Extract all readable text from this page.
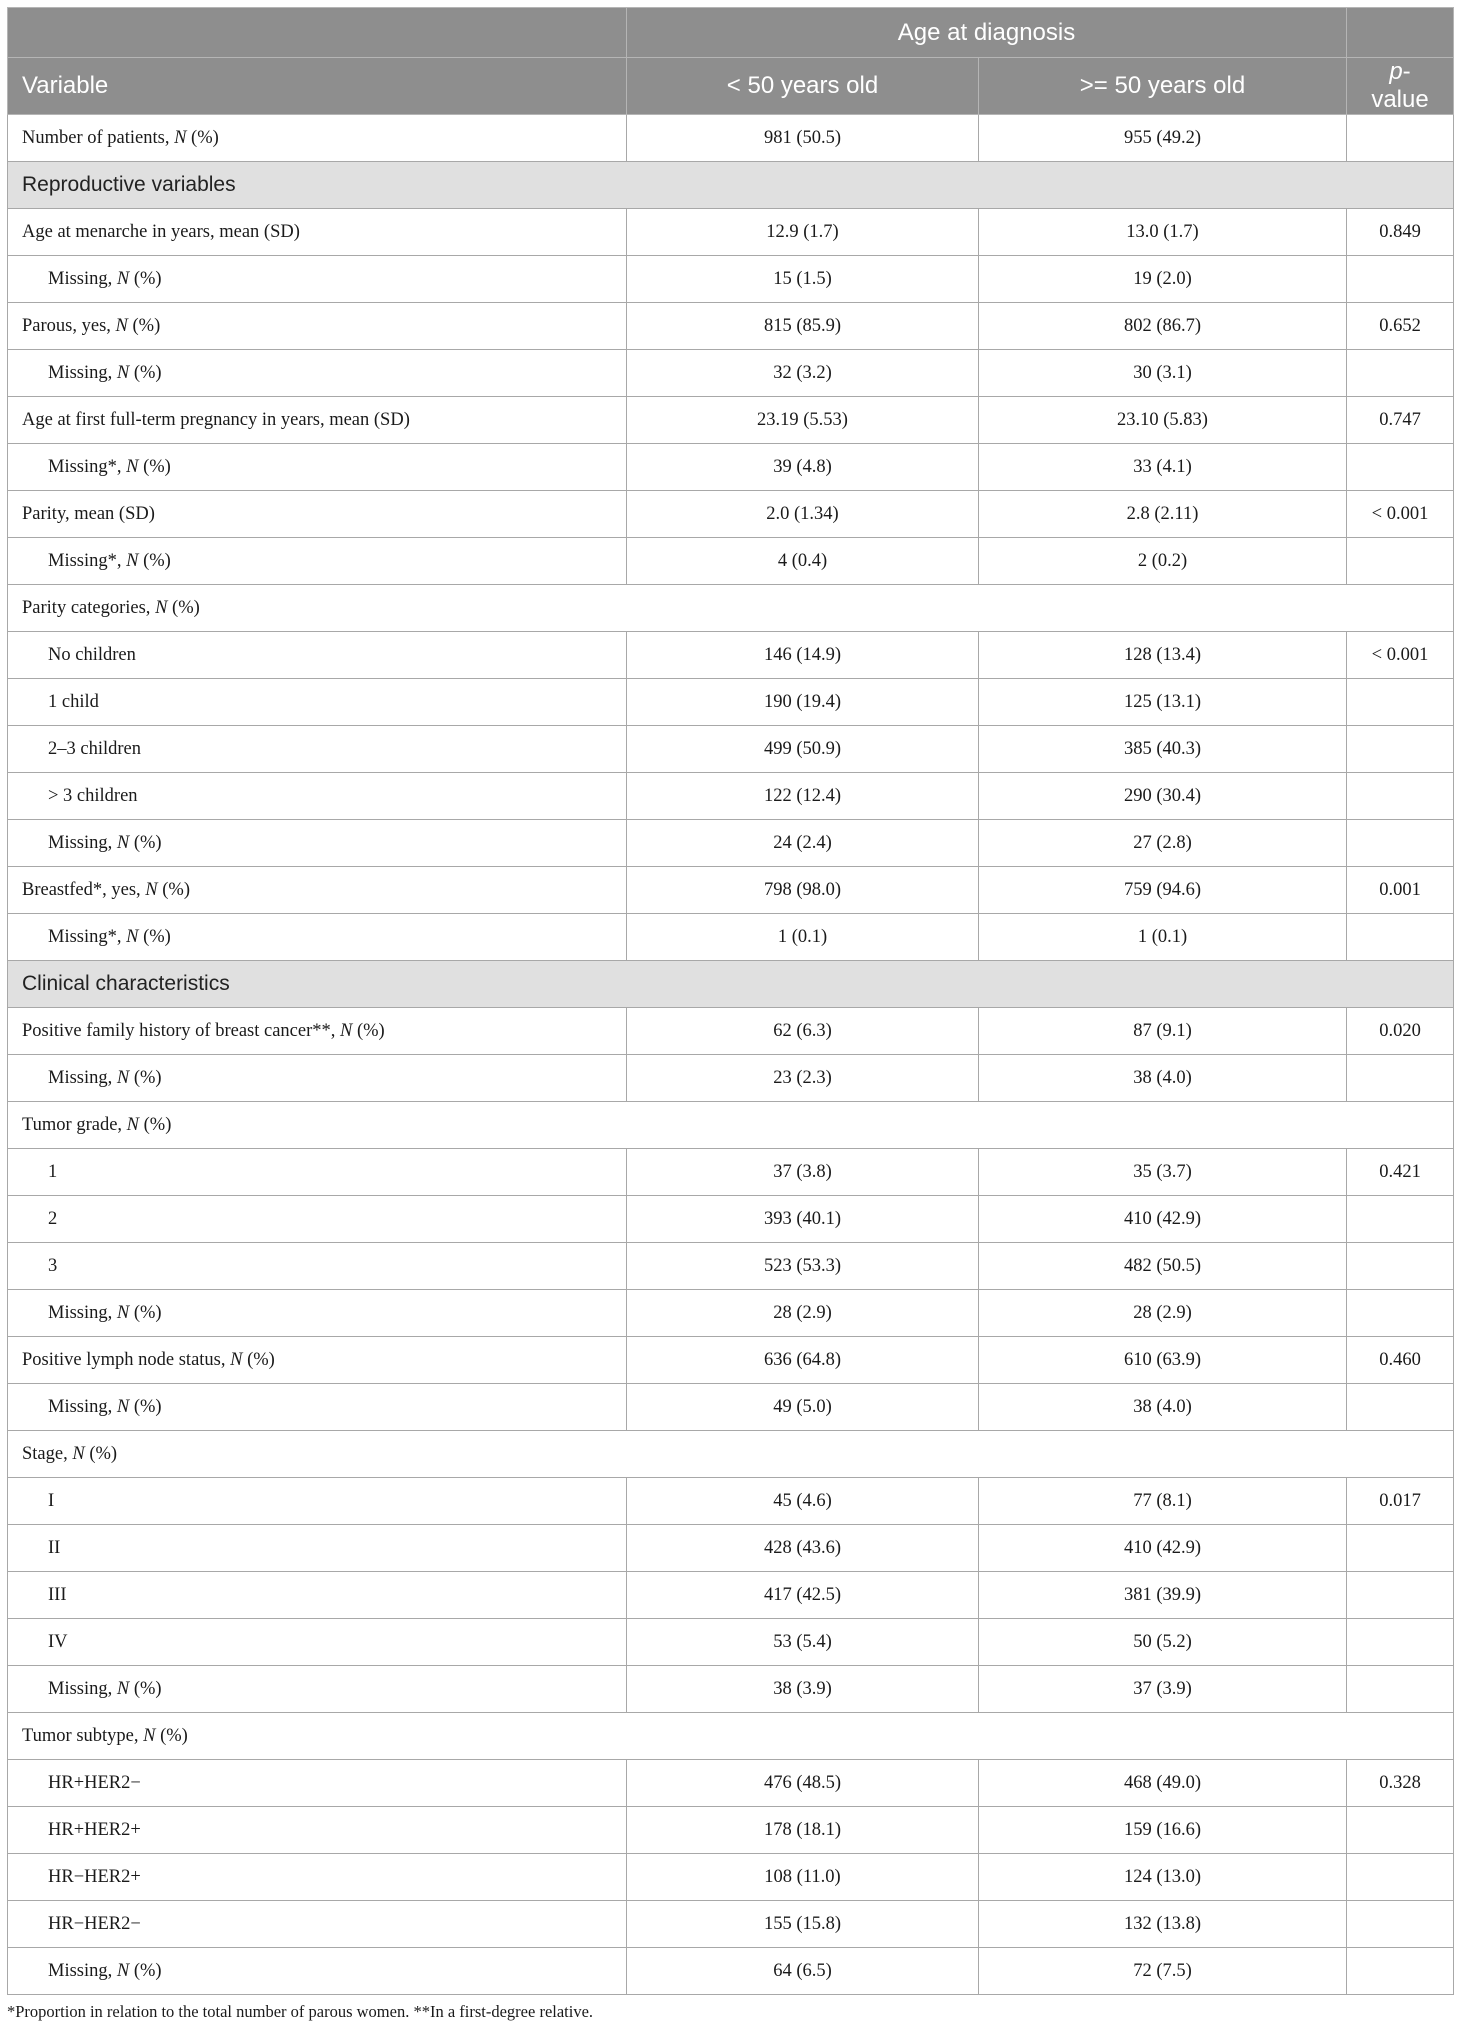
	Age at diagnosis		
Variable	< 50 years old	>= 50 years old	p-value
Number of patients, N (%)	981 (50.5)	955 (49.2)	
Reproductive variables			
Age at menarche in years, mean (SD)	12.9 (1.7)	13.0 (1.7)	0.849
Missing, N (%)	15 (1.5)	19 (2.0)	
Parous, yes, N (%)	815 (85.9)	802 (86.7)	0.652
Missing, N (%)	32 (3.2)	30 (3.1)	
Age at first full-term pregnancy in years, mean (SD)	23.19 (5.53)	23.10 (5.83)	0.747
Missing*, N (%)	39 (4.8)	33 (4.1)	
Parity, mean (SD)	2.0 (1.34)	2.8 (2.11)	< 0.001
Missing*, N (%)	4 (0.4)	2 (0.2)	
Parity categories, N (%)			
No children	146 (14.9)	128 (13.4)	< 0.001
1 child	190 (19.4)	125 (13.1)	
2–3 children	499 (50.9)	385 (40.3)	
> 3 children	122 (12.4)	290 (30.4)	
Missing, N (%)	24 (2.4)	27 (2.8)	
Breastfed*, yes, N (%)	798 (98.0)	759 (94.6)	0.001
Missing*, N (%)	1 (0.1)	1 (0.1)	
Clinical characteristics			
Positive family history of breast cancer**, N (%)	62 (6.3)	87 (9.1)	0.020
Missing, N (%)	23 (2.3)	38 (4.0)	
Tumor grade, N (%)			
1	37 (3.8)	35 (3.7)	0.421
2	393 (40.1)	410 (42.9)	
3	523 (53.3)	482 (50.5)	
Missing, N (%)	28 (2.9)	28 (2.9)	
Positive lymph node status, N (%)	636 (64.8)	610 (63.9)	0.460
Missing, N (%)	49 (5.0)	38 (4.0)	
Stage, N (%)			
I	45 (4.6)	77 (8.1)	0.017
II	428 (43.6)	410 (42.9)	
III	417 (42.5)	381 (39.9)	
IV	53 (5.4)	50 (5.2)	
Missing, N (%)	38 (3.9)	37 (3.9)	
Tumor subtype, N (%)			
HR+HER2−	476 (48.5)	468 (49.0)	0.328
HR+HER2+	178 (18.1)	159 (16.6)	
HR−HER2+	108 (11.0)	124 (13.0)	
HR−HER2−	155 (15.8)	132 (13.8)	
Missing, N (%)	64 (6.5)	72 (7.5)	
*Proportion in relation to the total number of parous women. **In a first-degree relative.
